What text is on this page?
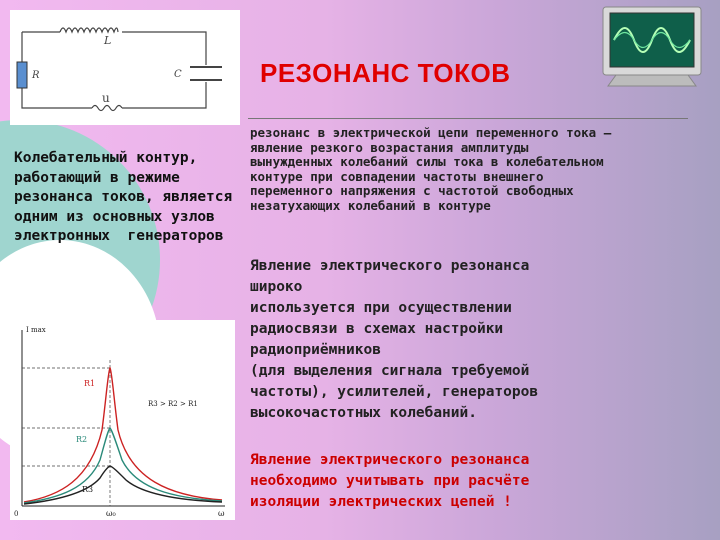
L
R	C
u
РЕЗОНАНС ТОКОВ
резонанс в электрической цепи переменного тока –
явление резкого возрастания амплитуды
вынужденных колебаний силы тока в колебательном
контуре при совпадении частоты внешнего
переменного напряжения с частотой свободных
незатухающих колебаний в контуре
Колебательный контур,
работающий в режиме
резонанса токов, является
одним из основных узлов
электронных  генераторов
Явление электрического резонанса
широко
используется при осуществлении
радиосвязи в схемах настройки
радиоприёмников
(для выделения сигнала требуемой
частоты), усилителей, генераторов
высокочастотных колебаний.
Явление электрического резонанса
необходимо учитывать при расчёте
изоляции электрических цепей !
I max
0	ω
ω₀
R1
R2
R3
R3 > R2 > R1
